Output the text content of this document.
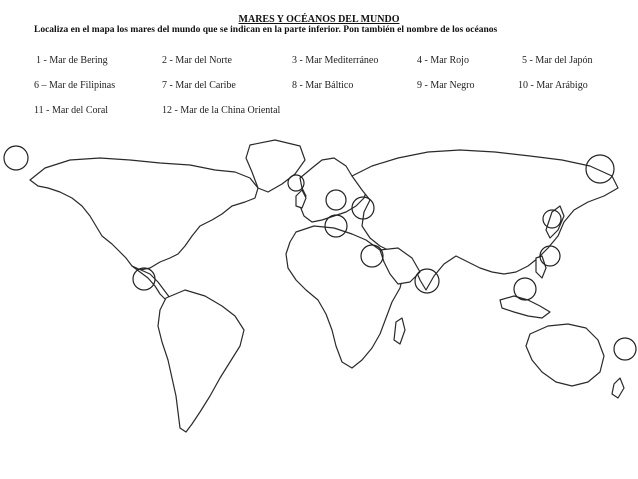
MARES Y OCÉANOS DEL MUNDO
Localiza en el mapa los mares del mundo que se indican en la parte inferior. Pon también el nombre de los océanos
1 - Mar de Bering	2 - Mar del Norte	3 - Mar Mediterráneo	4 - Mar Rojo	5 - Mar del Japón
6 – Mar de Filipinas	7 - Mar del Caribe	8 - Mar Báltico	9 - Mar Negro	10 - Mar Arábigo
11 - Mar del Coral	12 - Mar de la China Oriental
